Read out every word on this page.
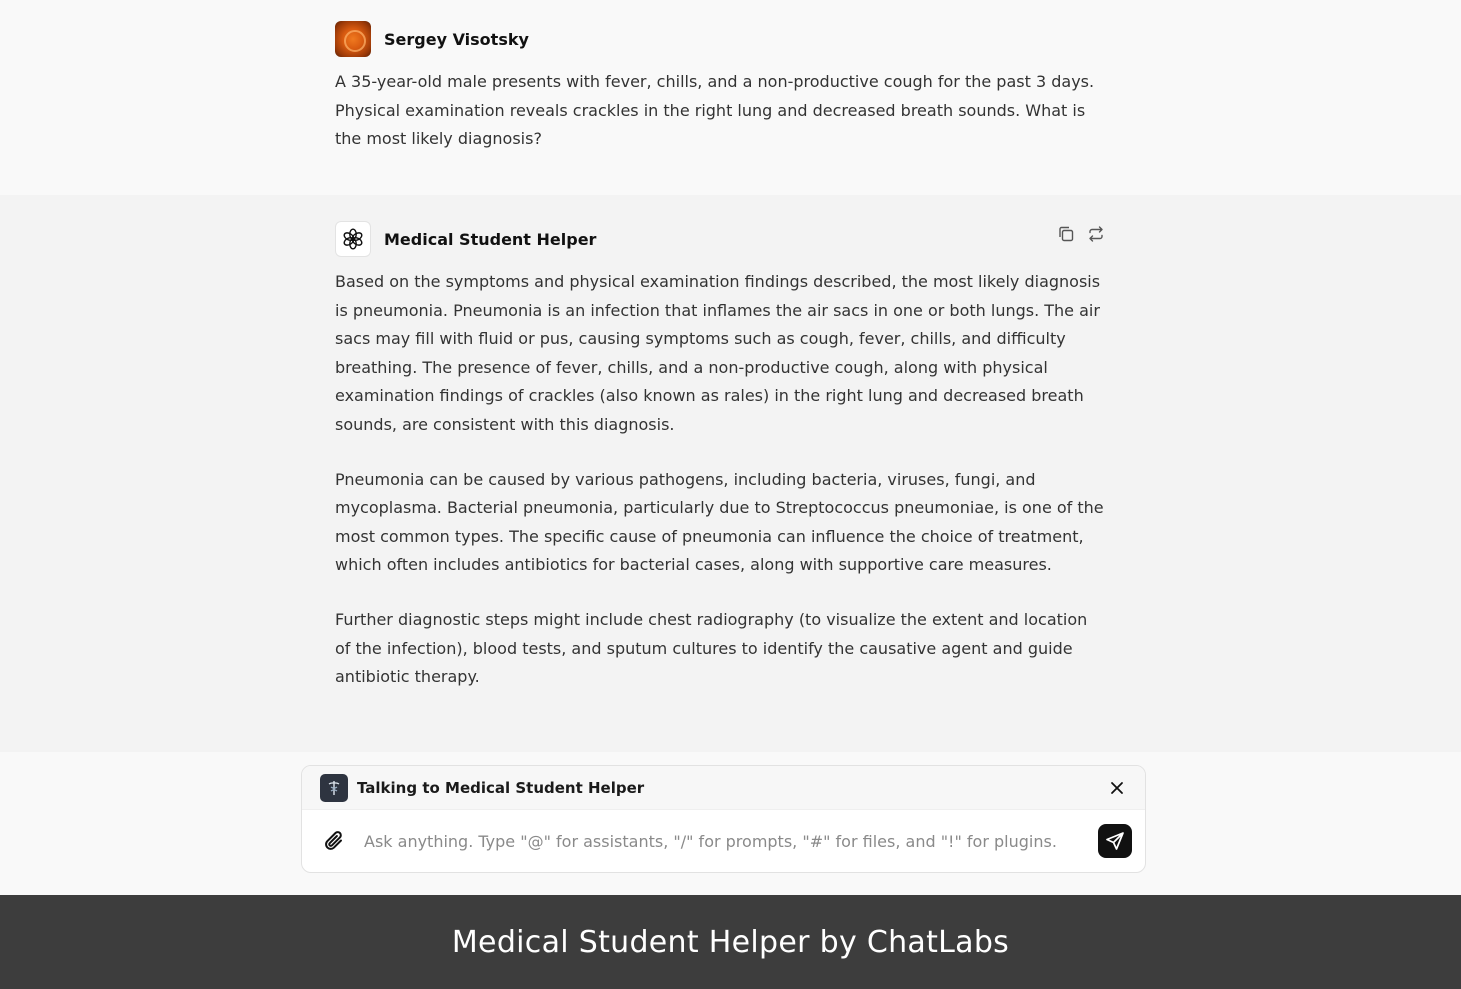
Sergey Visotsky
A 35-year-old male presents with fever, chills, and a non-productive cough for the past 3 days. Physical examination reveals crackles in the right lung and decreased breath sounds. What is the most likely diagnosis?
Medical Student Helper

Based on the symptoms and physical examination findings described, the most likely diagnosis is pneumonia. Pneumonia is an infection that inflames the air sacs in one or both lungs. The air sacs may fill with fluid or pus, causing symptoms such as cough, fever, chills, and difficulty breathing. The presence of fever, chills, and a non-productive cough, along with physical examination findings of crackles (also known as rales) in the right lung and decreased breath sounds, are consistent with this diagnosis.

Pneumonia can be caused by various pathogens, including bacteria, viruses, fungi, and mycoplasma. Bacterial pneumonia, particularly due to Streptococcus pneumoniae, is one of the most common types. The specific cause of pneumonia can influence the choice of treatment, which often includes antibiotics for bacterial cases, along with supportive care measures.

Further diagnostic steps might include chest radiography (to visualize the extent and location of the infection), blood tests, and sputum cultures to identify the causative agent and guide antibiotic therapy.

Talking to Medical Student Helper
Ask anything. Type "@" for assistants, "/" for prompts, "#" for files, and "!" for plugins.
Medical Student Helper by ChatLabs
